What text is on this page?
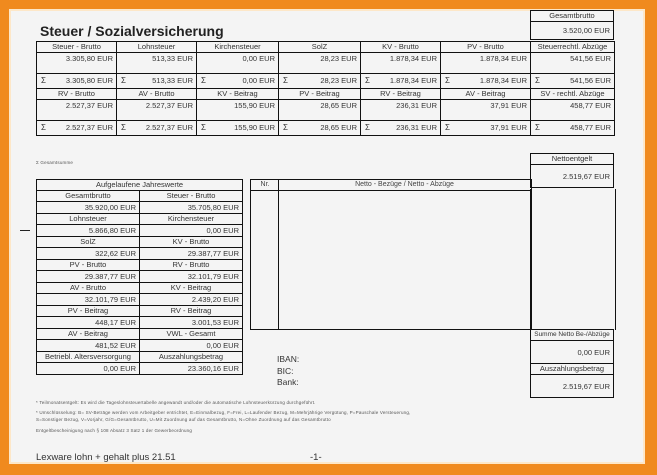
Steuer / Sozialversicherung
Gesamtbrutto
3.520,00 EUR
Steuer - Brutto	Lohnsteuer	Kirchensteuer	SolZ	KV - Brutto	PV - Brutto	Steuerrechtl. Abzüge
3.305,80 EUR	513,33 EUR	0,00 EUR	28,23 EUR	1.878,34 EUR	1.878,34 EUR	541,56 EUR

Σ 3.305,80 EUR	Σ 513,33 EUR	Σ 0,00 EUR	Σ 28,23 EUR	Σ 1.878,34 EUR	Σ 1.878,34 EUR	Σ 541,56 EUR
RV - Brutto	AV - Brutto	KV - Beitrag	PV - Beitrag	RV - Beitrag	AV - Beitrag	SV - rechtl. Abzüge
2.527,37 EUR	2.527,37 EUR	155,90 EUR	28,65 EUR	236,31 EUR	37,91 EUR	458,77 EUR

Σ 2.527,37 EUR	Σ 2.527,37 EUR	Σ 155,90 EUR	Σ 28,65 EUR	Σ 236,31 EUR	Σ 37,91 EUR	Σ 458,77 EUR
Σ Gesamtsumme	Nettoentgelt
2.519,67 EUR
Aufgelaufene Jahreswerte	
Gesamtbrutto	Steuer - Brutto
35.920,00 EUR	35.705,80 EUR
Lohnsteuer	Kirchensteuer
5.866,80 EUR	0,00 EUR
SolZ	KV - Brutto
322,62 EUR	29.387,77 EUR
PV - Brutto	RV - Brutto
29.387,77 EUR	32.101,79 EUR
AV - Brutto	KV - Beitrag
32.101,79 EUR	2.439,20 EUR
PV - Beitrag	RV - Beitrag
448,17 EUR	3.001,53 EUR
AV - Beitrag	VWL - Gesamt
481,52 EUR	0,00 EUR
Betriebl. Altersversorgung	Auszahlungsbetrag
0,00 EUR	23.360,16 EUR
Nr.	Netto - Bezüge / Netto - Abzüge
Summe Netto Be-/Abzüge
0,00 EUR
Auszahlungsbetrag
2.519,67 EUR
IBAN:
BIC:
Bank:
* Teilmonatsentgelt: Es wird die Tageslohnsteuertabelle angewandt und/oder die automatische Lohnsteuerkürzung durchgeführt.
* Umschlüsselung: B= SV-Beträge werden vom Arbeitgeber entrichtet, E=Einmalbezug, F=Frei, L=Laufender Bezug, M=Mehrjährige Vergütung, P=Pauschale Versteuerung,
S=Sonstiger Bezug, V=Vorjahr, G/G=Gesamtbrutto, U=Mit Zuordnung auf das Gesamtbrutto, N=Ohne Zuordnung auf das Gesamtbrutto
Entgeltbescheinigung nach § 108 Absatz 3 Satz 1 der Gewerbeordnung
Lexware lohn + gehalt plus 21.51	-1-
